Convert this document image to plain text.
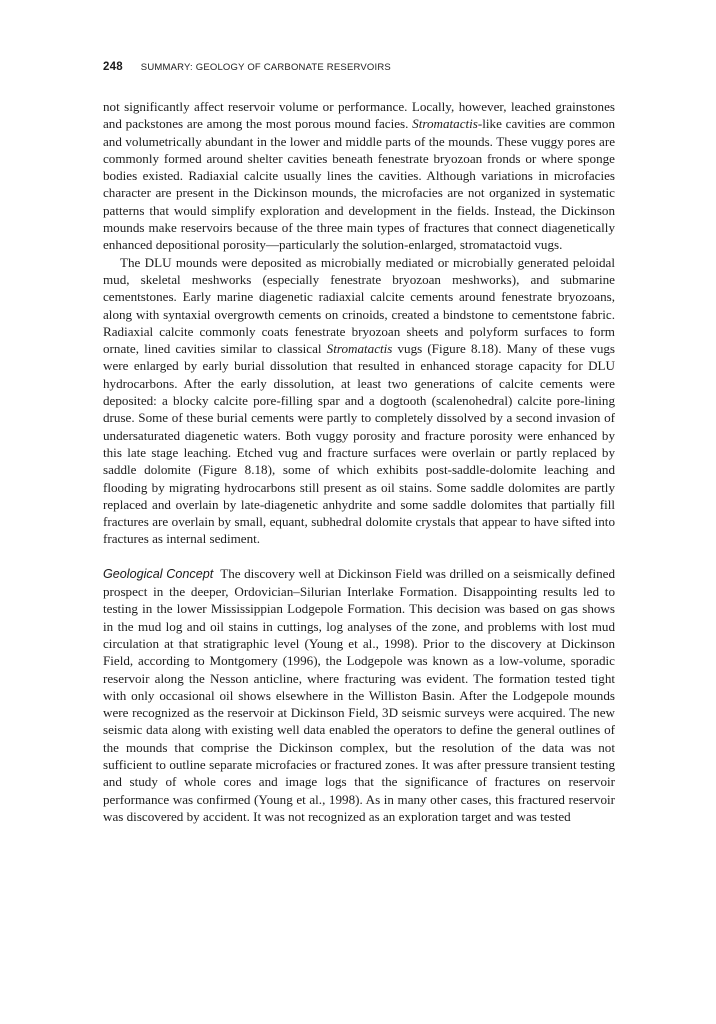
248 SUMMARY: GEOLOGY OF CARBONATE RESERVOIRS

not significantly affect reservoir volume or performance. Locally, however, leached grainstones and packstones are among the most porous mound facies. Stromatactis-like cavities are common and volumetrically abundant in the lower and middle parts of the mounds. These vuggy pores are commonly formed around shelter cavities beneath fenestrate bryozoan fronds or where sponge bodies existed. Radiaxial calcite usually lines the cavities. Although variations in microfacies character are present in the Dickinson mounds, the microfacies are not organized in systematic patterns that would simplify exploration and development in the fields. Instead, the Dickinson mounds make reservoirs because of the three main types of fractures that connect diagenetically enhanced depositional porosity—particularly the solution-enlarged, stromatactoid vugs.

The DLU mounds were deposited as microbially mediated or microbially generated peloidal mud, skeletal meshworks (especially fenestrate bryozoan meshworks), and submarine cementstones. Early marine diagenetic radiaxial calcite cements around fenestrate bryozoans, along with syntaxial overgrowth cements on crinoids, created a bindstone to cementstone fabric. Radiaxial calcite commonly coats fenestrate bryozoan sheets and polyform surfaces to form ornate, lined cavities similar to classical Stromatactis vugs (Figure 8.18). Many of these vugs were enlarged by early burial dissolution that resulted in enhanced storage capacity for DLU hydrocarbons. After the early dissolution, at least two generations of calcite cements were deposited: a blocky calcite pore-filling spar and a dogtooth (scalenohedral) calcite pore-lining druse. Some of these burial cements were partly to completely dissolved by a second invasion of undersaturated diagenetic waters. Both vuggy porosity and fracture porosity were enhanced by this late stage leaching. Etched vug and fracture surfaces were overlain or partly replaced by saddle dolomite (Figure 8.18), some of which exhibits post-saddle-dolomite leaching and flooding by migrating hydrocarbons still present as oil stains. Some saddle dolomites are partly replaced and overlain by late-diagenetic anhydrite and some saddle dolomites that partially fill fractures are overlain by small, equant, subhedral dolomite crystals that appear to have sifted into fractures as internal sediment.

Geological Concept The discovery well at Dickinson Field was drilled on a seismically defined prospect in the deeper, Ordovician–Silurian Interlake Formation. Disappointing results led to testing in the lower Mississippian Lodgepole Formation. This decision was based on gas shows in the mud log and oil stains in cuttings, log analyses of the zone, and problems with lost mud circulation at that stratigraphic level (Young et al., 1998). Prior to the discovery at Dickinson Field, according to Montgomery (1996), the Lodgepole was known as a low-volume, sporadic reservoir along the Nesson anticline, where fracturing was evident. The formation tested tight with only occasional oil shows elsewhere in the Williston Basin. After the Lodgepole mounds were recognized as the reservoir at Dickinson Field, 3D seismic surveys were acquired. The new seismic data along with existing well data enabled the operators to define the general outlines of the mounds that comprise the Dickinson complex, but the resolution of the data was not sufficient to outline separate microfacies or fractured zones. It was after pressure transient testing and study of whole cores and image logs that the significance of fractures on reservoir performance was confirmed (Young et al., 1998). As in many other cases, this fractured reservoir was discovered by accident. It was not recognized as an exploration target and was tested
